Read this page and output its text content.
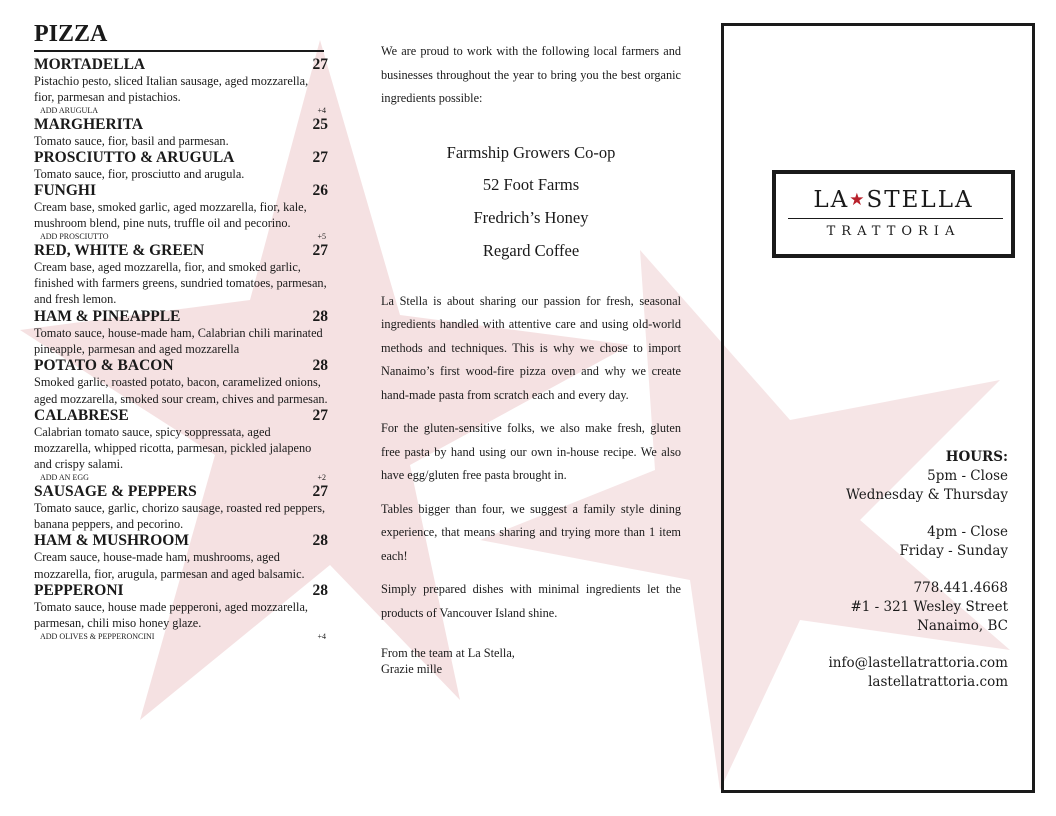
PIZZA
MORTADELLA	27
Pistachio pesto, sliced Italian sausage, aged mozzarella, fior, parmesan and pistachios.
ADD ARUGULA	+4
MARGHERITA	25
Tomato sauce, fior, basil and parmesan.
PROSCIUTTO & ARUGULA	27
Tomato sauce, fior, prosciutto and arugula.
FUNGHI	26
Cream base, smoked garlic, aged mozzarella, fior, kale, mushroom blend, pine nuts, truffle oil and pecorino.
ADD PROSCIUTTO	+5
RED, WHITE & GREEN	27
Cream base, aged mozzarella, fior, and smoked garlic, finished with farmers greens, sundried tomatoes, parmesan, and fresh lemon.
HAM & PINEAPPLE	28
Tomato sauce, house-made ham, Calabrian chili marinated pineapple, parmesan and aged mozzarella
POTATO & BACON	28
Smoked garlic, roasted potato, bacon, caramelized onions, aged mozzarella, smoked sour cream, chives and parmesan.
CALABRESE	27
Calabrian tomato sauce, spicy soppressata, aged mozzarella, whipped ricotta, parmesan, pickled jalapeno and crispy salami.
ADD AN EGG	+2
SAUSAGE & PEPPERS	27
Tomato sauce, garlic, chorizo sausage, roasted red peppers, banana peppers, and pecorino.
HAM & MUSHROOM	28
Cream sauce, house-made ham, mushrooms, aged mozzarella, fior, arugula, parmesan and aged balsamic.
PEPPERONI	28
Tomato sauce, house made pepperoni, aged mozzarella, parmesan, chili miso honey glaze.
ADD OLIVES & PEPPERONCINI	+4

We are proud to work with the following local farmers and businesses throughout the year to bring you the best organic ingredients possible:

Farmship Growers Co-op
52 Foot Farms
Fredrich’s Honey
Regard Coffee

La Stella is about sharing our passion for fresh, seasonal ingredients handled with attentive care and using old-world methods and techniques. This is why we chose to import Nanaimo’s first wood-fire pizza oven and why we create hand-made pasta from scratch each and every day.

For the gluten-sensitive folks, we also make fresh, gluten free pasta by hand using our own in-house recipe. We also have egg/gluten free pasta brought in.

Tables bigger than four, we suggest a family style dining experience, that means sharing and trying more than 1 item each!

Simply prepared dishes with minimal ingredients let the products of Vancouver Island shine.

From the team at La Stella,
Grazie mille
LA★STELLA
TRATTORIA
HOURS:
5pm - Close
Wednesday & Thursday
4pm - Close
Friday - Sunday
778.441.4668
#1 - 321 Wesley Street
Nanaimo, BC
info@lastellatrattoria.com
lastellatrattoria.com
